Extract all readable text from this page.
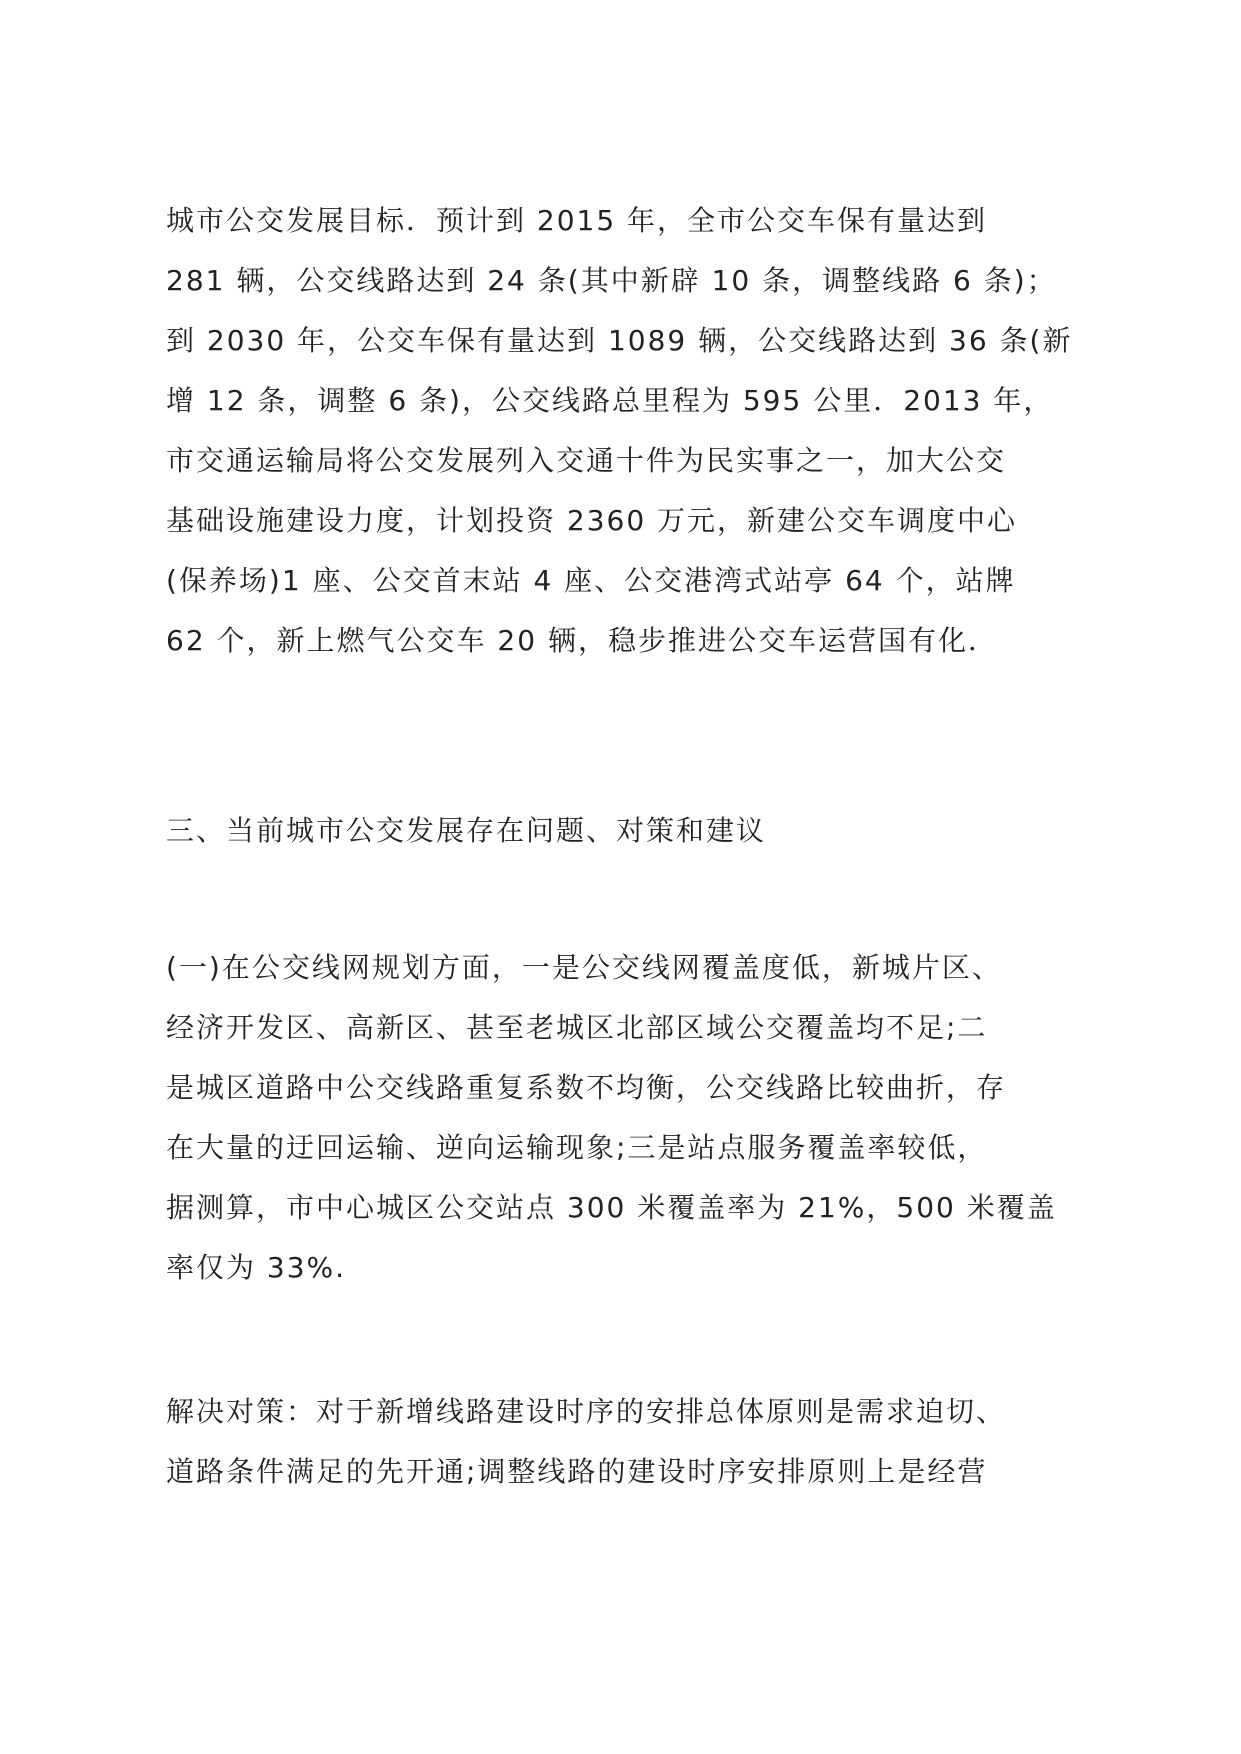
城市公交发展目标．预计到 2015 年，全市公交车保有量达到
281 辆，公交线路达到 24 条(其中新辟 10 条，调整线路 6 条)；
到 2030 年，公交车保有量达到 1089 辆，公交线路达到 36 条(新
增 12 条，调整 6 条)，公交线路总里程为 595 公里．2013 年，
市交通运输局将公交发展列入交通十件为民实事之一，加大公交
基础设施建设力度，计划投资 2360 万元，新建公交车调度中心
(保养场)1 座、公交首末站 4 座、公交港湾式站亭 64 个，站牌
62 个，新上燃气公交车 20 辆，稳步推进公交车运营国有化．
三、当前城市公交发展存在问题、对策和建议
(一)在公交线网规划方面，一是公交线网覆盖度低，新城片区、
经济开发区、高新区、甚至老城区北部区域公交覆盖均不足;二
是城区道路中公交线路重复系数不均衡，公交线路比较曲折，存
在大量的迂回运输、逆向运输现象;三是站点服务覆盖率较低，
据测算，市中心城区公交站点 300 米覆盖率为 21%，500 米覆盖
率仅为 33%.
解决对策：对于新增线路建设时序的安排总体原则是需求迫切、
道路条件满足的先开通;调整线路的建设时序安排原则上是经营
